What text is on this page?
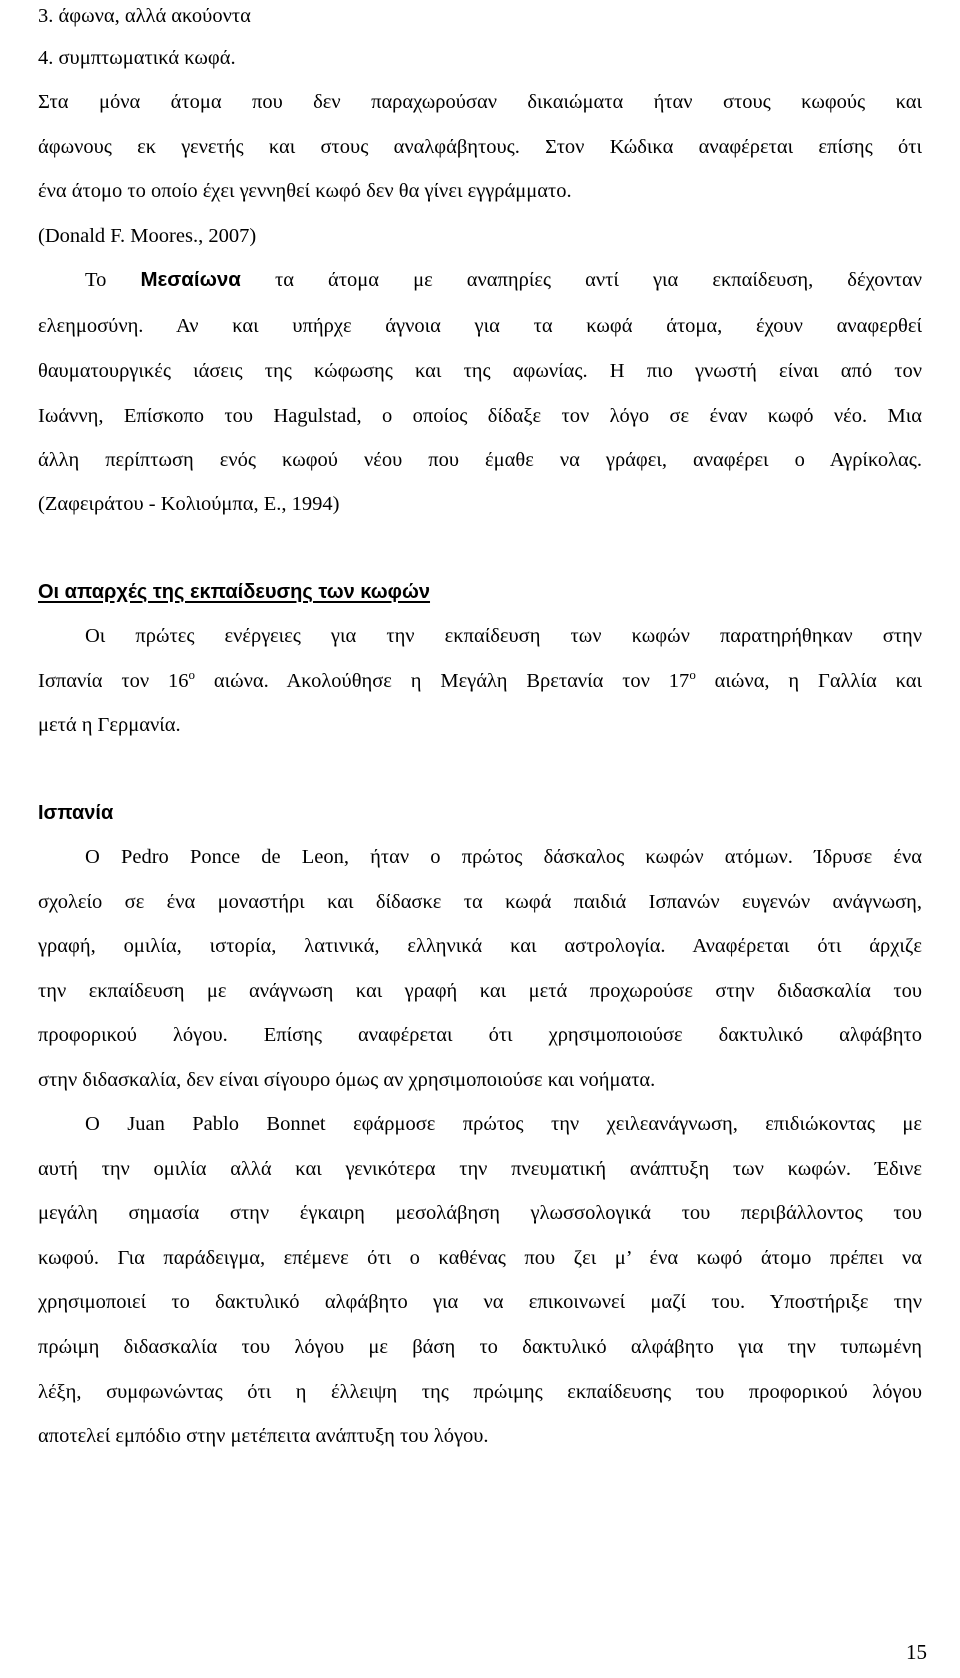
3. άφωνα, αλλά ακούοντα
4. συμπτωματικά κωφά.
Στα μόνα άτομα που δεν παραχωρούσαν δικαιώματα ήταν στους κωφούς και
άφωνους εκ γενετής και στους αναλφάβητους. Στον Κώδικα αναφέρεται επίσης ότι
ένα άτομο το οποίο έχει γεννηθεί κωφό δεν θα γίνει εγγράμματο.
(Donald F. Moores., 2007)
Το Μεσαίωνα τα άτομα με αναπηρίες αντί για εκπαίδευση, δέχονταν
ελεημοσύνη. Αν και υπήρχε άγνοια για τα κωφά άτομα, έχουν αναφερθεί
θαυματουργικές ιάσεις της κώφωσης και της αφωνίας. Η πιο γνωστή είναι από τον
Ιωάννη, Επίσκοπο του Hagulstad, ο οποίος δίδαξε τον λόγο σε έναν κωφό νέο. Μια
άλλη περίπτωση ενός κωφού νέου που έμαθε να γράφει, αναφέρει ο Αγρίκολας.
(Ζαφειράτου - Κολιούμπα, Ε., 1994)
Οι απαρχές της εκπαίδευσης των κωφών
Οι πρώτες ενέργειες για την εκπαίδευση των κωφών παρατηρήθηκαν στην
Ισπανία τον $16^o$ αιώνα. Ακολούθησε η Μεγάλη Βρετανία τον $17^o$ αιώνα, η Γαλλία και
μετά η Γερμανία.
Ισπανία
Ο Pedro Ponce de Leon, ήταν ο πρώτος δάσκαλος κωφών ατόμων. Ίδρυσε ένα
σχολείο σε ένα μοναστήρι και δίδασκε τα κωφά παιδιά Ισπανών ευγενών ανάγνωση,
γραφή, ομιλία, ιστορία, λατινικά, ελληνικά και αστρολογία. Αναφέρεται ότι άρχιζε
την εκπαίδευση με ανάγνωση και γραφή και μετά προχωρούσε στην διδασκαλία του
προφορικού λόγου. Επίσης αναφέρεται ότι χρησιμοποιούσε δακτυλικό αλφάβητο
στην διδασκαλία, δεν είναι σίγουρο όμως αν χρησιμοποιούσε και νοήματα.
Ο Juan Pablo Bonnet εφάρμοσε πρώτος την χειλεανάγνωση, επιδιώκοντας με
αυτή την ομιλία αλλά και γενικότερα την πνευματική ανάπτυξη των κωφών. Έδινε
μεγάλη σημασία στην έγκαιρη μεσολάβηση γλωσσολογικά του περιβάλλοντος του
κωφού. Για παράδειγμα, επέμενε ότι ο καθένας που ζει μ’ ένα κωφό άτομο πρέπει να
χρησιμοποιεί το δακτυλικό αλφάβητο για να επικοινωνεί μαζί του. Υποστήριξε την
πρώιμη διδασκαλία του λόγου με βάση το δακτυλικό αλφάβητο για την τυπωμένη
λέξη, συμφωνώντας ότι η έλλειψη της πρώιμης εκπαίδευσης του προφορικού λόγου
αποτελεί εμπόδιο στην μετέπειτα ανάπτυξη του λόγου.
15
